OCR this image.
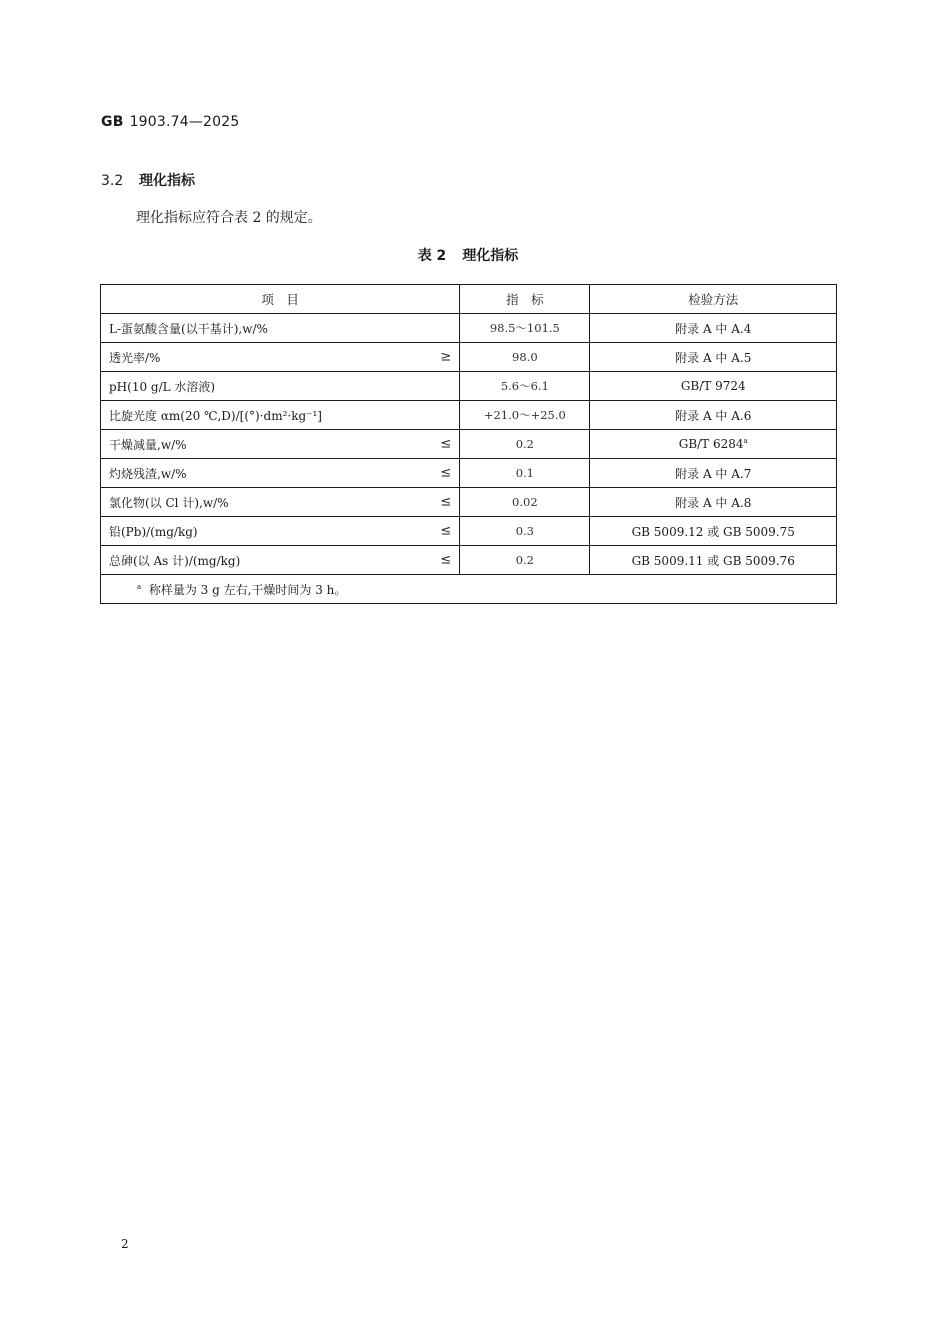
GB 1903.74—2025
3.2 理化指标
理化指标应符合表 2 的规定。
表 2 理化指标
项　目	指　标	检验方法
L-蛋氨酸含量(以干基计),w/%	98.5～101.5	附录 A 中 A.4
透光率/% ≥	98.0	附录 A 中 A.5
pH(10 g/L 水溶液)	5.6～6.1	GB/T 9724
比旋光度 αm(20 ℃,D)/[(°)·dm²·kg⁻¹]	+21.0～+25.0	附录 A 中 A.6
干燥减量,w/% ≤	0.2	GB/T 6284$^a$
灼烧残渣,w/% ≤	0.1	附录 A 中 A.7
氯化物(以 Cl 计),w/% ≤	0.02	附录 A 中 A.8
铅(Pb)/(mg/kg) ≤	0.3	GB 5009.12 或 GB 5009.75
总砷(以 As 计)/(mg/kg) ≤	0.2	GB 5009.11 或 GB 5009.76
$^a$ 称样量为 3 g 左右,干燥时间为 3 h。		
2
